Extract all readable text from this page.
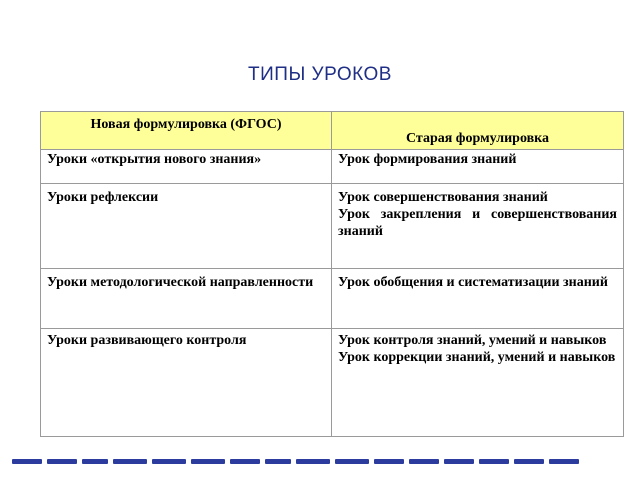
ТИПЫ УРОКОВ
Новая формулировка (ФГОС)	Старая формулировка

Уроки «открытия нового знания»	Урок формирования знаний

Уроки рефлексии	Урок совершенствования знаний
Урок закрепления и совершенствования знаний

Уроки методологической направленности	Урок обобщения и систематизации знаний

Уроки развивающего контроля	Урок контроля знаний, умений и навыков
Урок коррекции знаний, умений и навыков
